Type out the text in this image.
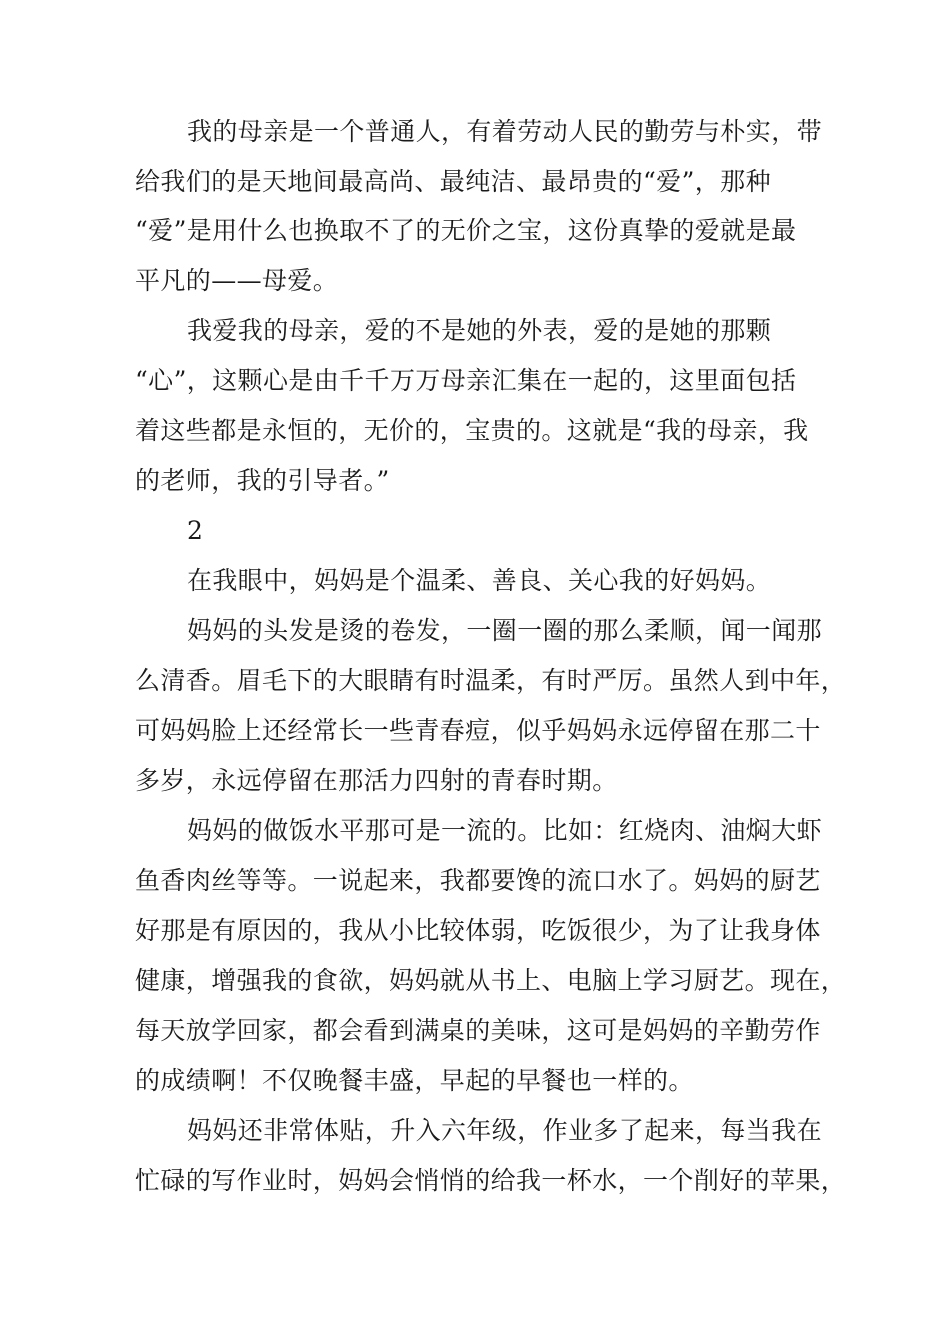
我的母亲是一个普通人，有着劳动人民的勤劳与朴实，带

给我们的是天地间最高尚、最纯洁、最昂贵的“爱”，那种

“爱”是用什么也换取不了的无价之宝，这份真挚的爱就是最

平凡的——母爱。

我爱我的母亲，爱的不是她的外表，爱的是她的那颗

“心”，这颗心是由千千万万母亲汇集在一起的，这里面包括

着这些都是永恒的，无价的，宝贵的。这就是“我的母亲，我

的老师，我的引导者。”

2

在我眼中，妈妈是个温柔、善良、关心我的好妈妈。

妈妈的头发是烫的卷发，一圈一圈的那么柔顺，闻一闻那

么清香。眉毛下的大眼睛有时温柔，有时严厉。虽然人到中年，

可妈妈脸上还经常长一些青春痘，似乎妈妈永远停留在那二十

多岁，永远停留在那活力四射的青春时期。

妈妈的做饭水平那可是一流的。比如：红烧肉、油焖大虾

鱼香肉丝等等。一说起来，我都要馋的流口水了。妈妈的厨艺

好那是有原因的，我从小比较体弱，吃饭很少，为了让我身体

健康，增强我的食欲，妈妈就从书上、电脑上学习厨艺。现在，

每天放学回家，都会看到满桌的美味，这可是妈妈的辛勤劳作

的成绩啊！不仅晚餐丰盛，早起的早餐也一样的。

妈妈还非常体贴，升入六年级，作业多了起来，每当我在

忙碌的写作业时，妈妈会悄悄的给我一杯水，一个削好的苹果，
